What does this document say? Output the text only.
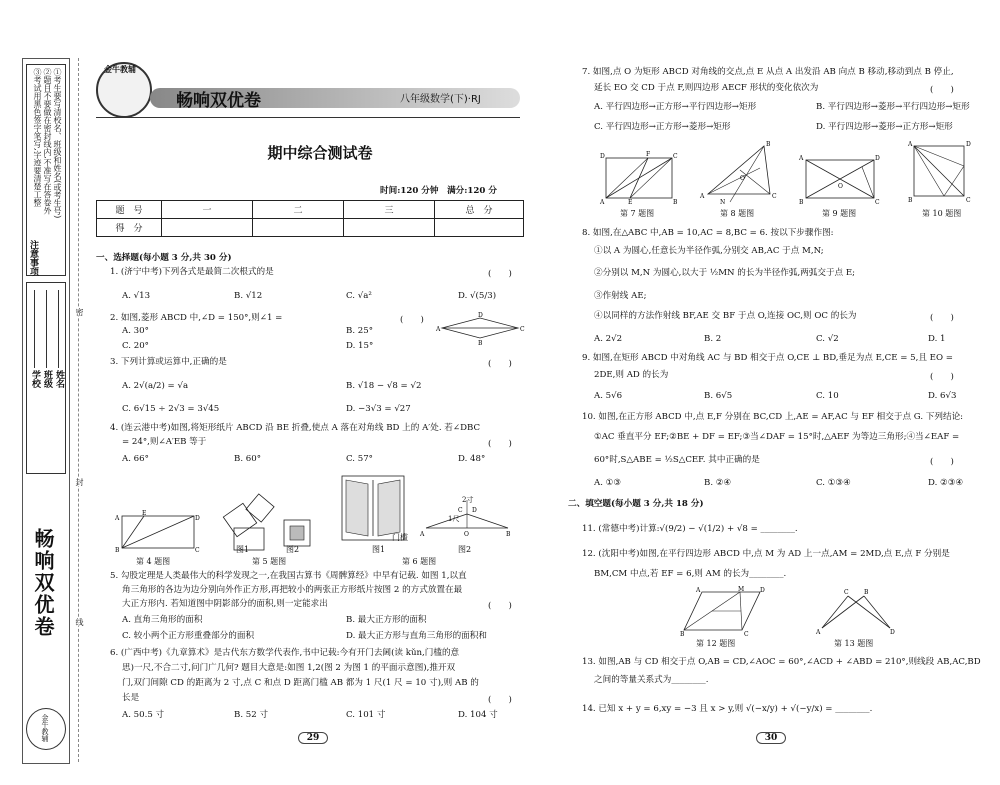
注意事项
①考生要写清校名、班级和姓名(或考生号)
②题目不要做在密封线内,不准写在答卷外
③考试用黑色签字笔写,字迹要清楚工整
学校 班级 姓名
密
封
线
畅响双优卷
金牛教辅
金牛教辅
畅响双优卷	八年级数学(下)·RJ
期中综合测试卷
时间:120 分钟　满分:120 分
题　号	一	二	三	总　分
得　分				
一、选择题(每小题 3 分,共 30 分)
1. (济宁中考)下列各式是最简二次根式的是	(　　)
A. √13	B. √12	C. √a²	D. √(5/3)
2. 如图,菱形 ABCD 中,∠D = 150°,则∠1 =	(　　)
A. 30°	B. 25°
C. 20°	D. 15°
A
D
C
B
3. 下列计算或运算中,正确的是	(　　)
A. 2√(a/2) = √a	B. √18 − √8 = √2
C. 6√15 ÷ 2√3 = 3√45	D. −3√3 = √27
4. (连云港中考)如图,将矩形纸片 ABCD 沿 BE 折叠,使点 A 落在对角线 BD 上的 A′处. 若∠DBC
= 24°,则∠A′EB 等于	(　　)
A. 66°	B. 60°	C. 57°	D. 48°
A
E
D
B	C
第 4 题图
图1	图2
第 5 题图
A	O	B
C D
图1
门槛
2寸
1尺
图2
第 6 题图
5. 勾股定理是人类最伟大的科学发现之一,在我国古算书《周髀算经》中早有记载. 如图 1,以直
角三角形的各边为边分别向外作正方形,再把较小的两张正方形纸片按图 2 的方式放置在最
大正方形内. 若知道图中阴影部分的面积,则一定能求出	(　　)
A. 直角三角形的面积	B. 最大正方形的面积
C. 较小两个正方形重叠部分的面积	D. 最大正方形与直角三角形的面积和
6. (广西中考)《九章算术》是古代东方数学代表作,书中记载:今有开门去阃(读 kǔn,门槛的意
思)一尺,不合二寸,问门广几何? 题目大意是:如图 1,2(图 2 为图 1 的平面示意图),推开双
门,双门间隙 CD 的距离为 2 寸,点 C 和点 D 距离门槛 AB 都为 1 尺(1 尺 = 10 寸),则 AB 的
长是	(　　)
A. 50.5 寸	B. 52 寸	C. 101 寸	D. 104 寸
29
7. 如图,点 O 为矩形 ABCD 对角线的交点,点 E 从点 A 出发沿 AB 向点 B 移动,移动到点 B 停止,
延长 EO 交 CD 于点 F,则四边形 AECF 形状的变化依次为	(　　)
A. 平行四边形→正方形→平行四边形→矩形	B. 平行四边形→菱形→平行四边形→矩形
C. 平行四边形→正方形→菱形→矩形	D. 平行四边形→菱形→正方形→矩形
D	F	C
A	E	B
第 7 题图
A	C
B
O
N
第 8 题图
A	D
B	C
O
第 9 题图
A	D
B	C
第 10 题图
8. 如图,在△ABC 中,AB = 10,AC = 8,BC = 6. 按以下步骤作图:
①以 A 为圆心,任意长为半径作弧,分别交 AB,AC 于点 M,N;
②分别以 M,N 为圆心,以大于 ½MN 的长为半径作弧,两弧交于点 E;
③作射线 AE;
④以同样的方法作射线 BF,AE 交 BF 于点 O,连接 OC,则 OC 的长为	(　　)
A. 2√2	B. 2	C. √2	D. 1
9. 如图,在矩形 ABCD 中对角线 AC 与 BD 相交于点 O,CE ⊥ BD,垂足为点 E,CE = 5,且 EO =
2DE,则 AD 的长为	(　　)
A. 5√6	B. 6√5	C. 10	D. 6√3
10. 如图,在正方形 ABCD 中,点 E,F 分别在 BC,CD 上,AE = AF,AC 与 EF 相交于点 G. 下列结论:
①AC 垂直平分 EF;②BE + DF = EF;③当∠DAF = 15°时,△AEF 为等边三角形;④当∠EAF =
60°时,S△ABE = ½S△CEF. 其中正确的是	(　　)
A. ①③	B. ②④	C. ①③④	D. ②③④
二、填空题(每小题 3 分,共 18 分)
11. (常德中考)计算:√(9/2) − √(1/2) + √8 = ________.
12. (沈阳中考)如图,在平行四边形 ABCD 中,点 M 为 AD 上一点,AM = 2MD,点 E,点 F 分别是
BM,CM 中点,若 EF = 6,则 AM 的长为________.
A	M	D
B	C
第 12 题图
A	D
C	B
第 13 题图
13. 如图,AB 与 CD 相交于点 O,AB = CD,∠AOC = 60°,∠ACD + ∠ABD = 210°,则线段 AB,AC,BD
之间的等量关系式为________.
14. 已知 x + y = 6,xy = −3 且 x > y,则 √(−x/y) + √(−y/x) = ________.
30
